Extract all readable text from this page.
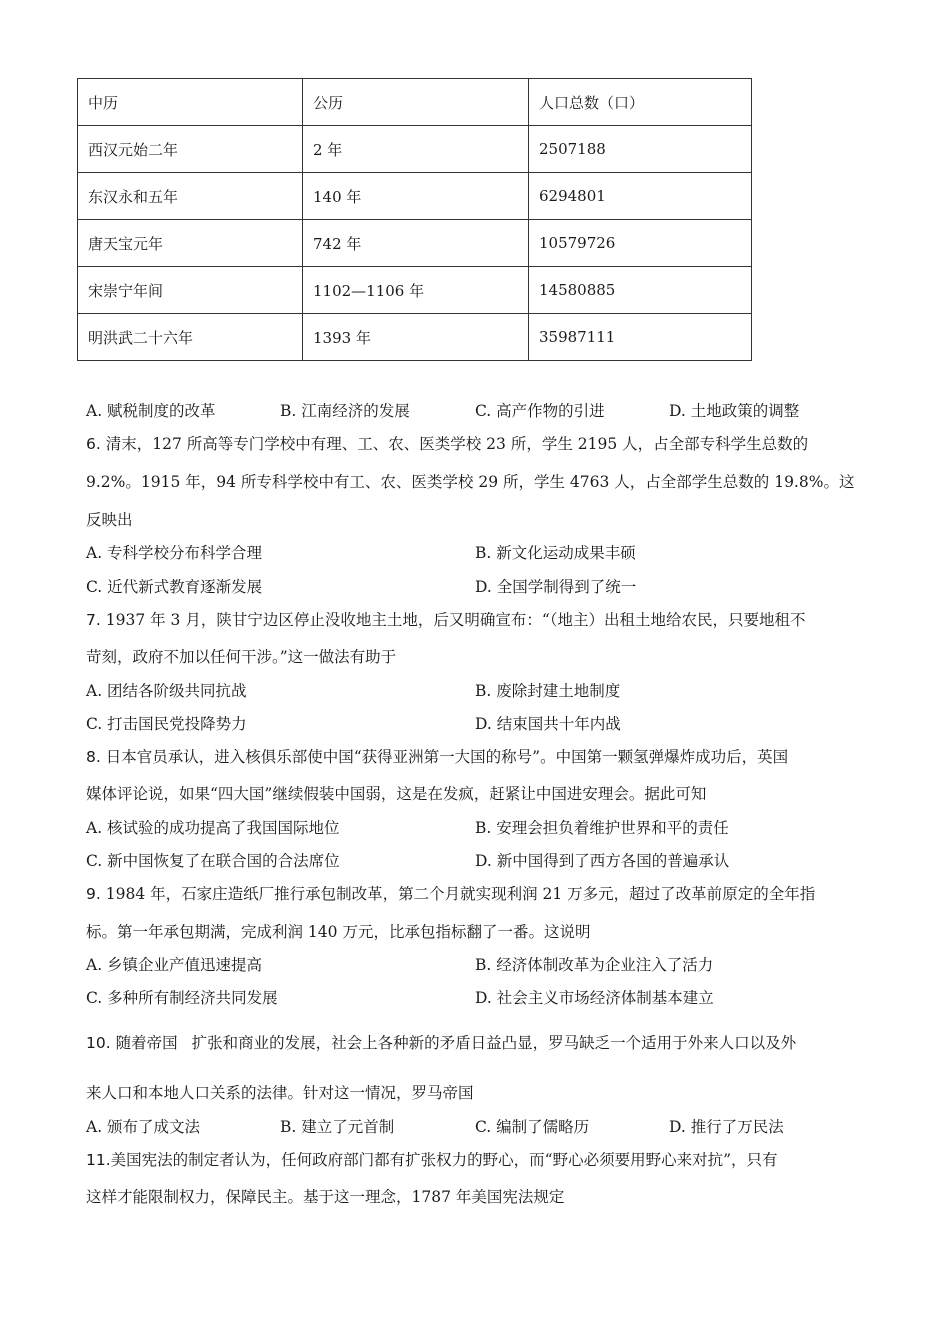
中历	公历	人口总数（口）
西汉元始二年	2 年	2507188
东汉永和五年	140 年	6294801
唐天宝元年	742 年	10579726
宋崇宁年间	1102—1106 年	14580885
明洪武二十六年	1393 年	35987111
A. 赋税制度的改革	B. 江南经济的发展	C. 高产作物的引进	D. 土地政策的调整
6. 清末，127 所高等专门学校中有理、工、农、医类学校 23 所，学生 2195 人，占全部专科学生总数的
9.2%。1915 年，94 所专科学校中有工、农、医类学校 29 所，学生 4763 人，占全部学生总数的 19.8%。这
反映出
A. 专科学校分布科学合理	B. 新文化运动成果丰硕
C. 近代新式教育逐渐发展	D. 全国学制得到了统一
7. 1937 年 3 月，陕甘宁边区停止没收地主土地，后又明确宣布：“（地主）出租土地给农民，只要地租不
苛刻，政府不加以任何干涉。”这一做法有助于
A. 团结各阶级共同抗战	B. 废除封建土地制度
C. 打击国民党投降势力	D. 结束国共十年内战
8. 日本官员承认，进入核俱乐部使中国“获得亚洲第一大国的称号”。中国第一颗氢弹爆炸成功后，英国
媒体评论说，如果“四大国”继续假装中国弱，这是在发疯，赶紧让中国进安理会。据此可知
A. 核试验的成功提高了我国国际地位	B. 安理会担负着维护世界和平的责任
C. 新中国恢复了在联合国的合法席位	D. 新中国得到了西方各国的普遍承认
9. 1984 年，石家庄造纸厂推行承包制改革，第二个月就实现利润 21 万多元，超过了改革前原定的全年指
标。第一年承包期满，完成利润 140 万元，比承包指标翻了一番。这说明
A. 乡镇企业产值迅速提高	B. 经济体制改革为企业注入了活力
C. 多种所有制经济共同发展	D. 社会主义市场经济体制基本建立
10. 随着帝国 扩张和商业的发展，社会上各种新的矛盾日益凸显，罗马缺乏一个适用于外来人口以及外
来人口和本地人口关系的法律。针对这一情况，罗马帝国
A. 颁布了成文法	B. 建立了元首制	C. 编制了儒略历	D. 推行了万民法
11.美国宪法的制定者认为，任何政府部门都有扩张权力的野心，而“野心必须要用野心来对抗”，只有
这样才能限制权力，保障民主。基于这一理念，1787 年美国宪法规定
